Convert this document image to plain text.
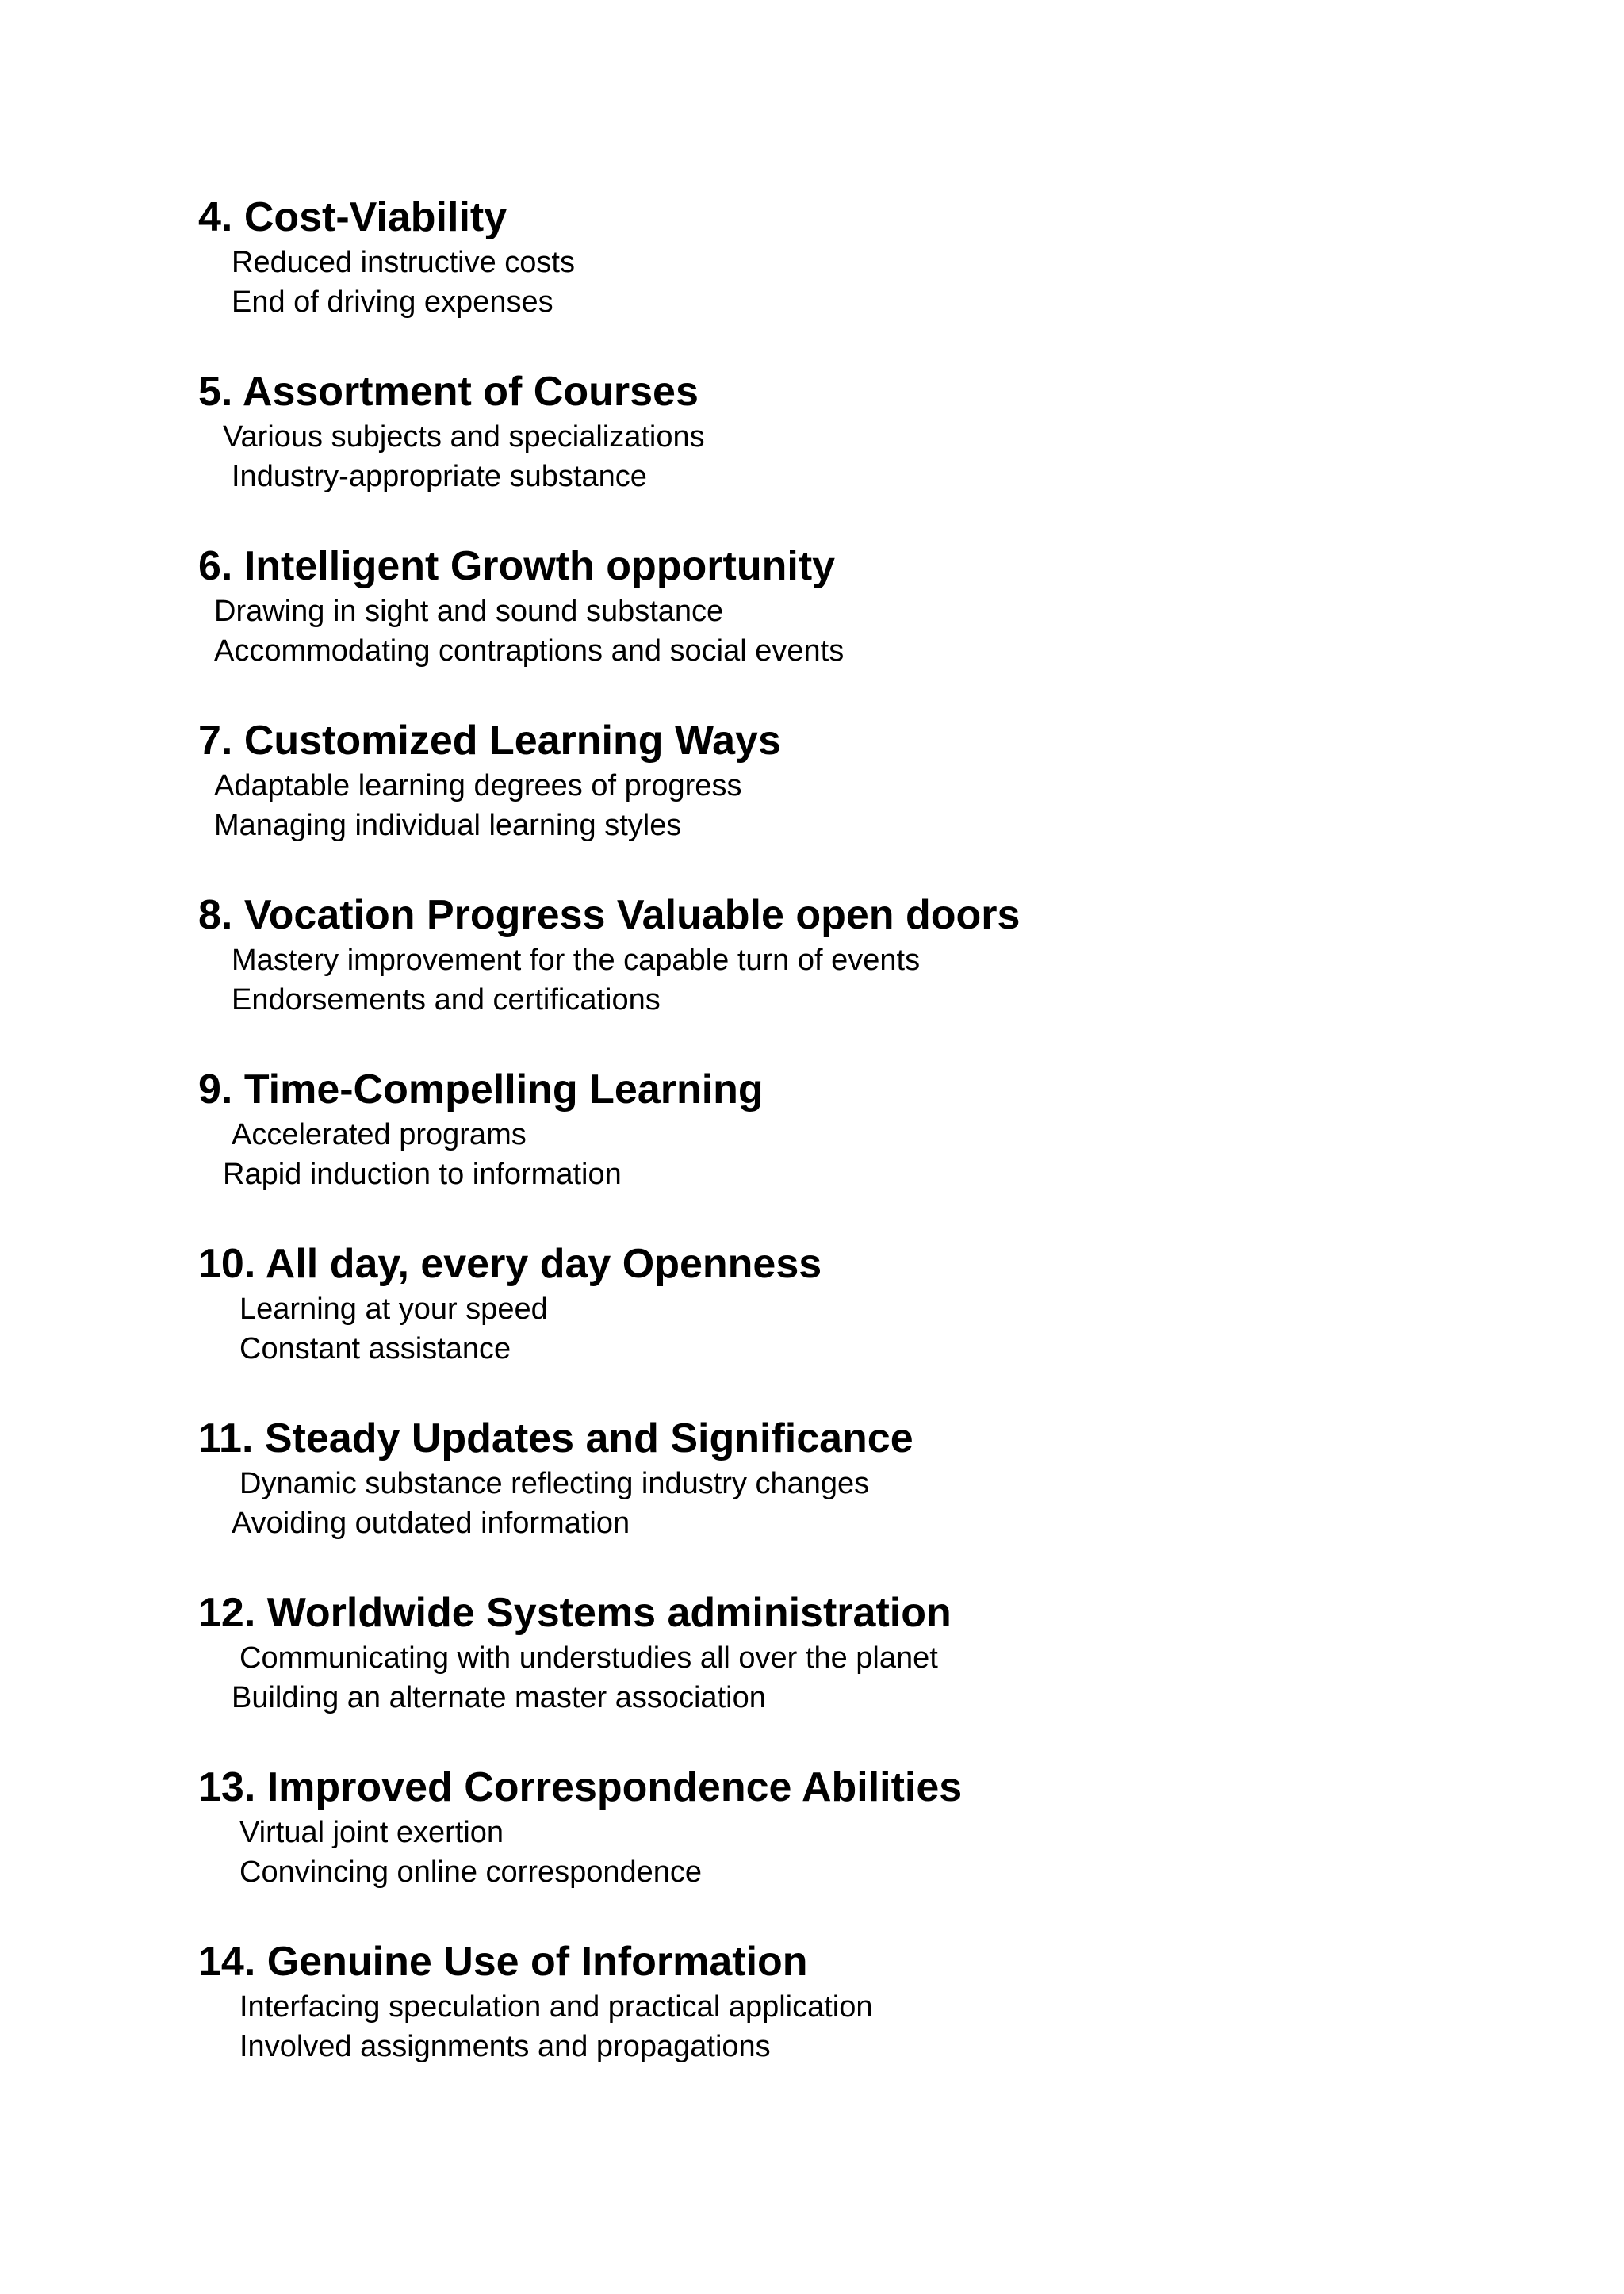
4. Cost-Viability

Reduced instructive costs

End of driving expenses

5. Assortment of Courses

Various subjects and specializations

Industry-appropriate substance

6. Intelligent Growth opportunity

Drawing in sight and sound substance

Accommodating contraptions and social events

7. Customized Learning Ways

Adaptable learning degrees of progress

Managing individual learning styles

8. Vocation Progress Valuable open doors

Mastery improvement for the capable turn of events

Endorsements and certifications

9. Time-Compelling Learning

Accelerated programs

Rapid induction to information

10. All day, every day Openness

Learning at your speed

Constant assistance

11. Steady Updates and Significance

Dynamic substance reflecting industry changes

Avoiding outdated information

12. Worldwide Systems administration

Communicating with understudies all over the planet

Building an alternate master association

13. Improved Correspondence Abilities

Virtual joint exertion

Convincing online correspondence

14. Genuine Use of Information

Interfacing speculation and practical application

Involved assignments and propagations
